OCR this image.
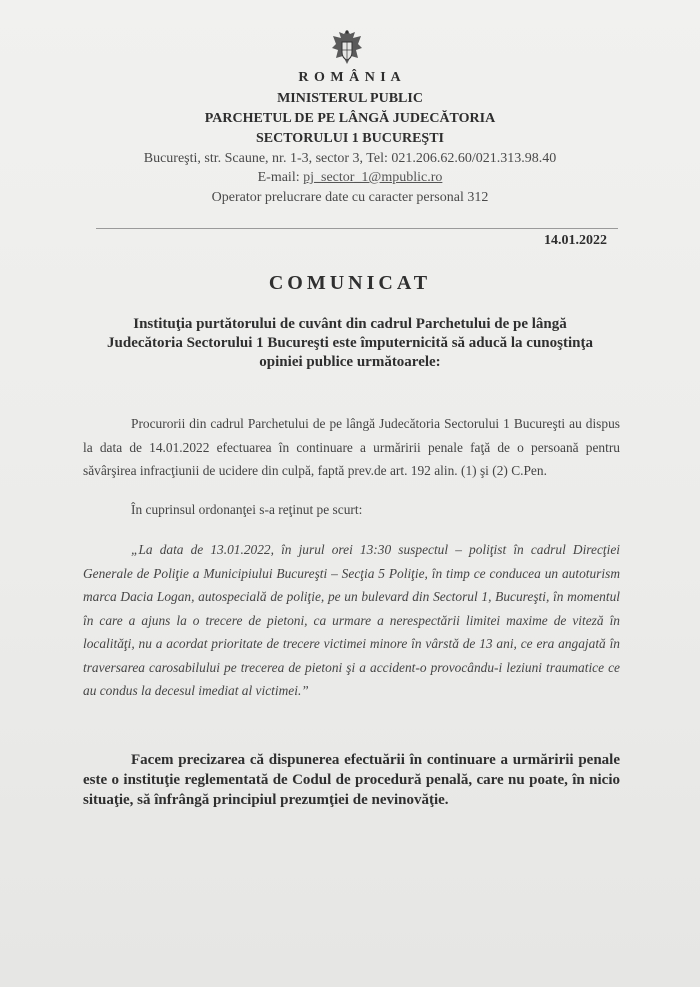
R O M Â N I A
MINISTERUL PUBLIC
PARCHETUL DE PE LÂNGĂ JUDECĂTORIA
SECTORULUI 1 BUCUREŞTI
Bucureşti, str. Scaune, nr. 1-3, sector 3, Tel: 021.206.62.60/021.313.98.40
E-mail: pj_sector_1@mpublic.ro
Operator prelucrare date cu caracter personal 312
14.01.2022
COMUNICAT
Instituţia purtătorului de cuvânt din cadrul Parchetului de pe lângă Judecătoria Sectorului 1 Bucureşti este împuternicită să aducă la cunoştinţa opiniei publice următoarele:
Procurorii din cadrul Parchetului de pe lângă Judecătoria Sectorului 1 Bucureşti au dispus la data de 14.01.2022 efectuarea în continuare a urmăririi penale faţă de o persoană pentru săvârşirea infracţiunii de ucidere din culpă, faptă prev.de art. 192 alin. (1) şi (2) C.Pen.
În cuprinsul ordonanţei s-a reţinut pe scurt:
„La data de 13.01.2022, în jurul orei 13:30 suspectul – poliţist în cadrul Direcţiei Generale de Poliţie a Municipiului Bucureşti – Secţia 5 Poliţie, în timp ce conducea un autoturism marca Dacia Logan, autospecială de poliţie, pe un bulevard din Sectorul 1, Bucureşti, în momentul în care a ajuns la o trecere de pietoni, ca urmare a nerespectării limitei maxime de viteză în localităţi, nu a acordat prioritate de trecere victimei minore în vârstă de 13 ani, ce era angajată în traversarea carosabilului pe trecerea de pietoni şi a accident-o provocându-i leziuni traumatice ce au condus la decesul imediat al victimei.”
Facem precizarea că dispunerea efectuării în continuare a urmăririi penale este o instituţie reglementată de Codul de procedură penală, care nu poate, în nicio situaţie, să înfrângă principiul prezumţiei de nevinovăţie.
